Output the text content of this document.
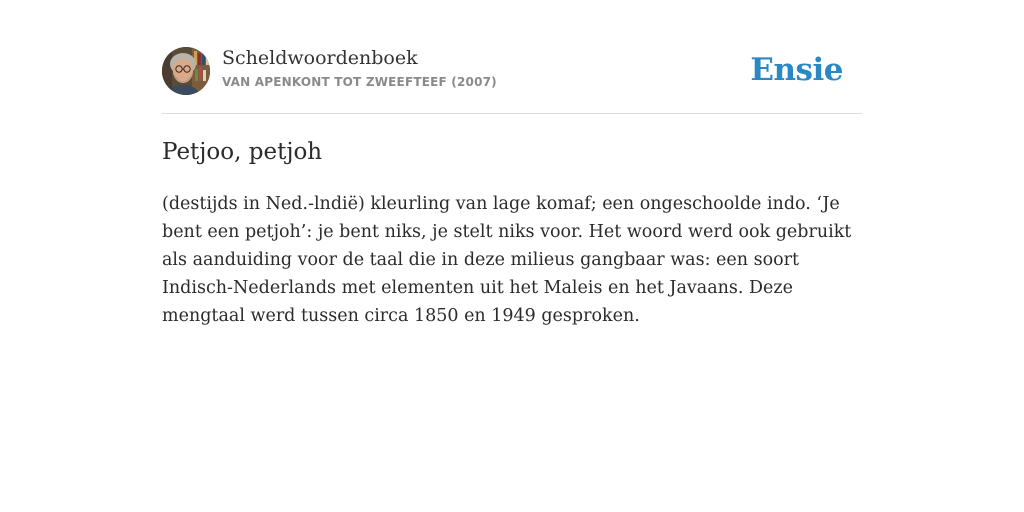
Scheldwoordenboek
VAN APENKONT TOT ZWEEFTEEF (2007)	Ensie
Petjoo, petjoh
(destijds in Ned.-lndië) kleurling van lage komaf; een ongeschoolde indo. ‘Je bent een petjoh’: je bent niks, je stelt niks voor. Het woord werd ook gebruikt als aanduiding voor de taal die in deze milieus gangbaar was: een soort Indisch-Nederlands met elementen uit het Maleis en het Javaans. Deze mengtaal werd tussen circa 1850 en 1949 gesproken.
